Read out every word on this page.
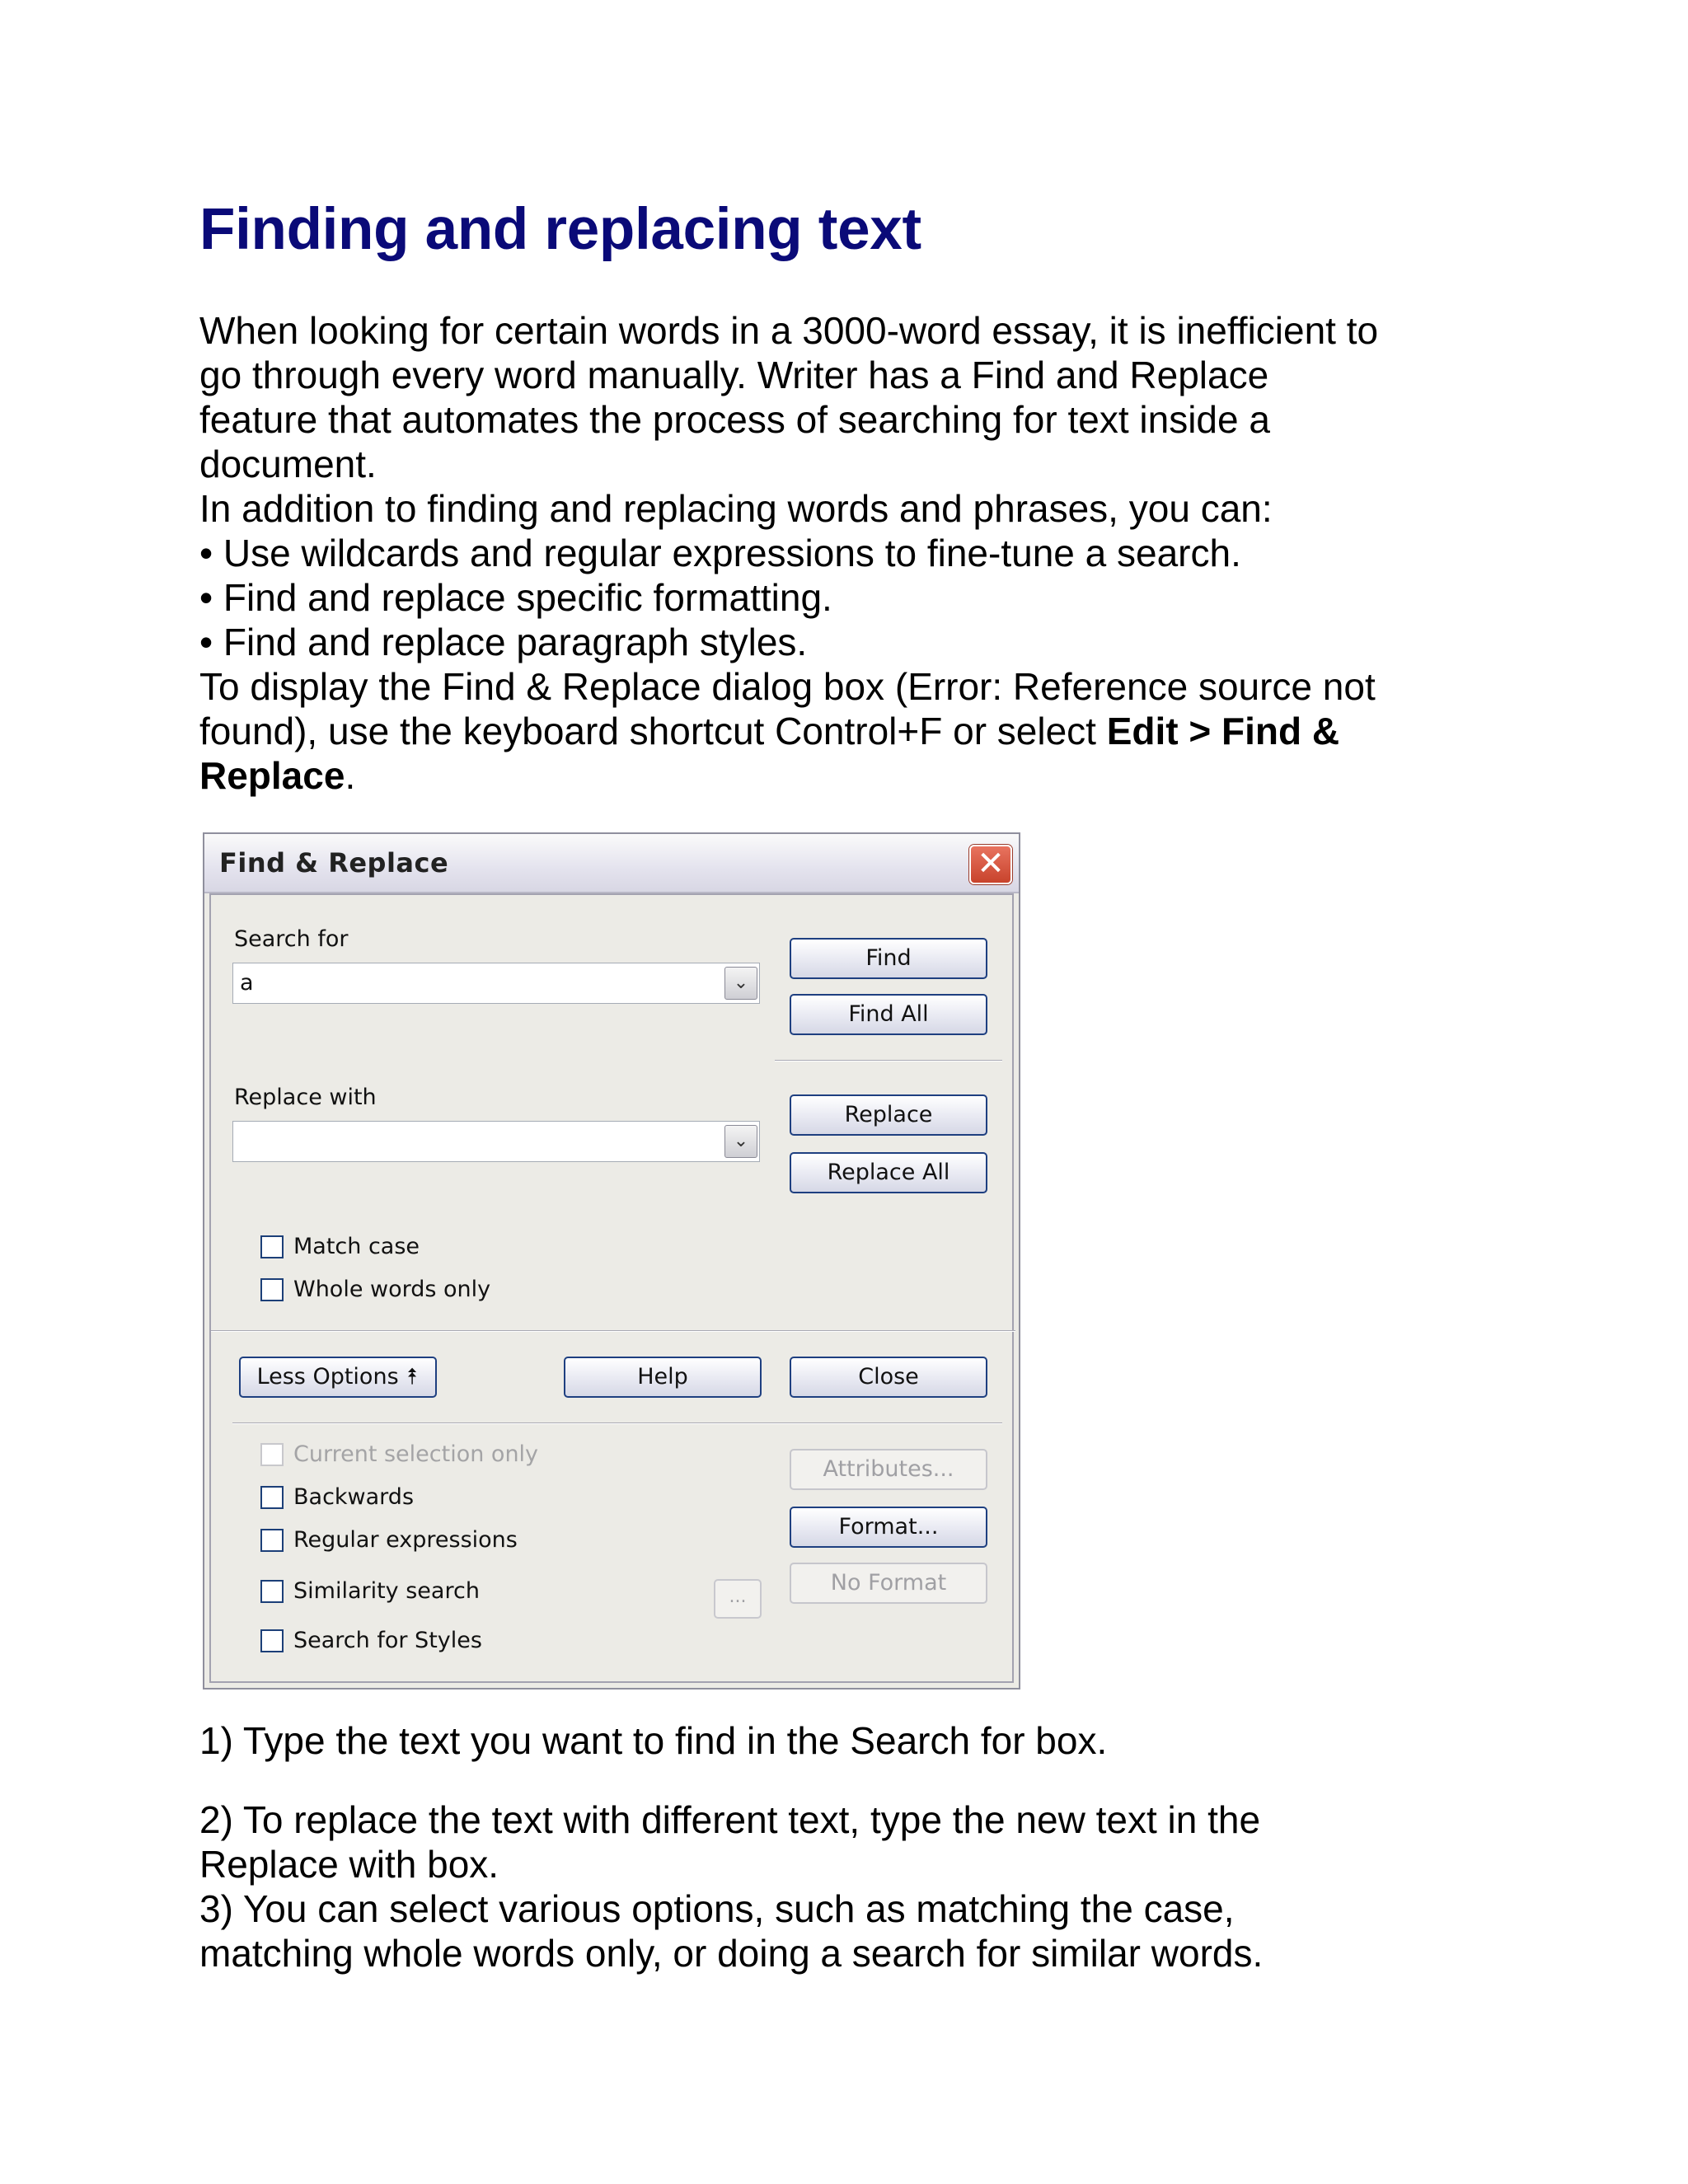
Finding and replacing text

When looking for certain words in a 3000-word essay, it is inefficient to

go through every word manually. Writer has a Find and Replace

feature that automates the process of searching for text inside a

document.

In addition to finding and replacing words and phrases, you can:

• Use wildcards and regular expressions to fine-tune a search.

• Find and replace specific formatting.

• Find and replace paragraph styles.

To display the Find & Replace dialog box (Error: Reference source not

found), use the keyboard shortcut Control+F or select Edit > Find &

Replace.

1) Type the text you want to find in the Search for box.

2) To replace the text with different text, type the new text in the

Replace with box.

3) You can select various options, such as matching the case,

matching whole words only, or doing a search for similar words.

Find & Replace	✕
Search for
a	⌄
Replace with
⌄
Find
Find All
Replace
Replace All
Match case
Whole words only
Less Options ⯭	Help	Close
Current selection only
Backwards
Regular expressions
Similarity search
Search for Styles
...
Attributes...
Format...
No Format
